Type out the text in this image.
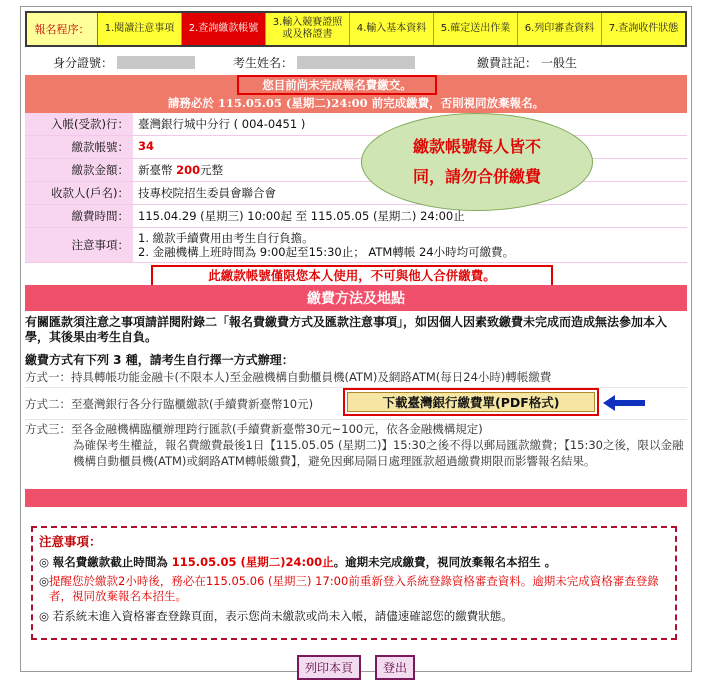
報名程序：	1.閱讀注意事項	2.查詢繳款帳號
3.輸入競賽證照或及格證書
4.輸入基本資料	5.確定送出作業	6.列印審查資料	7.查詢收件狀態
身分證號：	考生姓名：	繳費註記： 一般生
您目前尚未完成報名費繳交。
請務必於 115.05.05 (星期二)24:00 前完成繳費，否則視同放棄報名。
入帳(受款)行： 臺灣銀行城中分行 ( 004-0451 )
繳款帳號： 34
繳款金額： 新臺幣 200元整
收款人(戶名)： 技專校院招生委員會聯合會
繳費時間： 115.04.29 (星期三) 10:00起 至 115.05.05 (星期二) 24:00止
注意事項： 1. 繳款手續費用由考生自行負擔。
2. 金融機構上班時間為 9:00起至15:30止； ATM轉帳 24小時均可繳費。
此繳款帳號僅限您本人使用，不可與他人合併繳費。
繳款帳號每人皆不
同，請勿合併繳費
繳費方法及地點
有關匯款須注意之事項請詳閱附錄二「報名費繳費方式及匯款注意事項」，如因個人因素致繳費未完成而造成無法參加本入學，其後果由考生自負。
繳費方式有下列 3 種，請考生自行擇一方式辦理：
方式一：持具轉帳功能金融卡(不限本人)至金融機構自動櫃員機(ATM)及網路ATM(每日24小時)轉帳繳費
方式二：至臺灣銀行各分行臨櫃繳款(手續費新臺幣10元)	下載臺灣銀行繳費單(PDF格式)
方式三：至各金融機構臨櫃辦理跨行匯款(手續費新臺幣30元~100元，依各金融機構規定)
為確保考生權益，報名費繳費最後1日【115.05.05 (星期二)】15:30之後不得以郵局匯款繳費；【15:30之後，限以金融機構自動櫃員機(ATM)或網路ATM轉帳繳費】，避免因郵局隔日處理匯款超過繳費期限而影響報名結果。

注意事項：

◎ 報名費繳款截止時間為 115.05.05 (星期二)24:00止。逾期未完成繳費，視同放棄報名本招生 。

◎ 提醒您於繳款2小時後，務必在115.05.06 (星期三) 17:00前重新登入系統登錄資格審查資料。逾期未完成資格審查登錄者，視同放棄報名本招生。

◎ 若系統未進入資格審查登錄頁面，表示您尚未繳款或尚未入帳，請儘速確認您的繳費狀態。

列印本頁	登出
